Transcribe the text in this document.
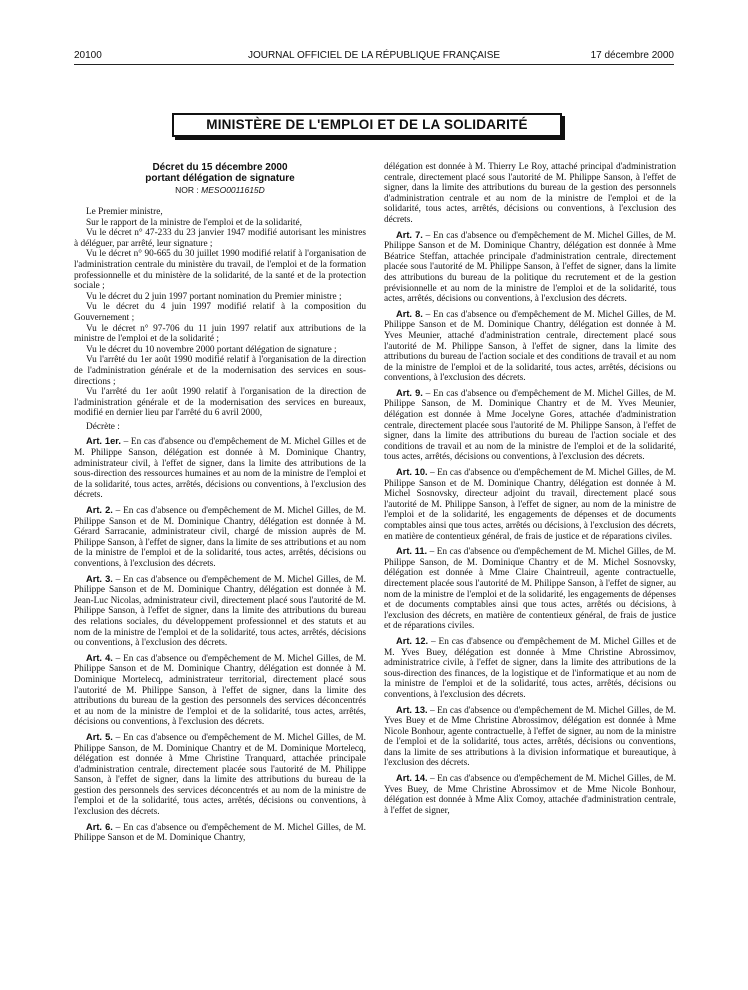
20100	JOURNAL OFFICIEL DE LA RÉPUBLIQUE FRANÇAISE	17 décembre 2000
MINISTÈRE DE L'EMPLOI ET DE LA SOLIDARITÉ
Décret du 15 décembre 2000
portant délégation de signature
NOR : MESO0011615D

Le Premier ministre,

Sur le rapport de la ministre de l'emploi et de la solidarité,

Vu le décret n° 47-233 du 23 janvier 1947 modifié autorisant les ministres à déléguer, par arrêté, leur signature ;

Vu le décret n° 90-665 du 30 juillet 1990 modifié relatif à l'organisation de l'administration centrale du ministère du travail, de l'emploi et de la formation professionnelle et du ministère de la solidarité, de la santé et de la protection sociale ;

Vu le décret du 2 juin 1997 portant nomination du Premier ministre ;

Vu le décret du 4 juin 1997 modifié relatif à la composition du Gouvernement ;

Vu le décret n° 97-706 du 11 juin 1997 relatif aux attributions de la ministre de l'emploi et de la solidarité ;

Vu le décret du 10 novembre 2000 portant délégation de signature ;

Vu l'arrêté du 1er août 1990 modifié relatif à l'organisation de la direction de l'administration générale et de la modernisation des services en sous-directions ;

Vu l'arrêté du 1er août 1990 relatif à l'organisation de la direction de l'administration générale et de la modernisation des services en bureaux, modifié en dernier lieu par l'arrêté du 6 avril 2000,

Décrète :

Art. 1er. – En cas d'absence ou d'empêchement de M. Michel Gilles et de M. Philippe Sanson, délégation est donnée à M. Dominique Chantry, administrateur civil, à l'effet de signer, dans la limite des attributions de la sous-direction des ressources humaines et au nom de la ministre de l'emploi et de la solidarité, tous actes, arrêtés, décisions ou conventions, à l'exclusion des décrets.

Art. 2. – En cas d'absence ou d'empêchement de M. Michel Gilles, de M. Philippe Sanson et de M. Dominique Chantry, délégation est donnée à M. Gérard Sarracanie, administrateur civil, chargé de mission auprès de M. Philippe Sanson, à l'effet de signer, dans la limite de ses attributions et au nom de la ministre de l'emploi et de la solidarité, tous actes, arrêtés, décisions ou conventions, à l'exclusion des décrets.

Art. 3. – En cas d'absence ou d'empêchement de M. Michel Gilles, de M. Philippe Sanson et de M. Dominique Chantry, délégation est donnée à M. Jean-Luc Nicolas, administrateur civil, directement placé sous l'autorité de M. Philippe Sanson, à l'effet de signer, dans la limite des attributions du bureau des relations sociales, du développement professionnel et des statuts et au nom de la ministre de l'emploi et de la solidarité, tous actes, arrêtés, décisions ou conventions, à l'exclusion des décrets.

Art. 4. – En cas d'absence ou d'empêchement de M. Michel Gilles, de M. Philippe Sanson et de M. Dominique Chantry, délégation est donnée à M. Dominique Mortelecq, administrateur territorial, directement placé sous l'autorité de M. Philippe Sanson, à l'effet de signer, dans la limite des attributions du bureau de la gestion des personnels des services déconcentrés et au nom de la ministre de l'emploi et de la solidarité, tous actes, arrêtés, décisions ou conventions, à l'exclusion des décrets.

Art. 5. – En cas d'absence ou d'empêchement de M. Michel Gilles, de M. Philippe Sanson, de M. Dominique Chantry et de M. Dominique Mortelecq, délégation est donnée à Mme Christine Tranquard, attachée principale d'administration centrale, directement placée sous l'autorité de M. Philippe Sanson, à l'effet de signer, dans la limite des attributions du bureau de la gestion des personnels des services déconcentrés et au nom de la ministre de l'emploi et de la solidarité, tous actes, arrêtés, décisions ou conventions, à l'exclusion des décrets.

Art. 6. – En cas d'absence ou d'empêchement de M. Michel Gilles, de M. Philippe Sanson et de M. Dominique Chantry,

délégation est donnée à M. Thierry Le Roy, attaché principal d'administration centrale, directement placé sous l'autorité de M. Philippe Sanson, à l'effet de signer, dans la limite des attributions du bureau de la gestion des personnels d'administration centrale et au nom de la ministre de l'emploi et de la solidarité, tous actes, arrêtés, décisions ou conventions, à l'exclusion des décrets.

Art. 7. – En cas d'absence ou d'empêchement de M. Michel Gilles, de M. Philippe Sanson et de M. Dominique Chantry, délégation est donnée à Mme Béatrice Steffan, attachée principale d'administration centrale, directement placée sous l'autorité de M. Philippe Sanson, à l'effet de signer, dans la limite des attributions du bureau de la politique du recrutement et de la gestion prévisionnelle et au nom de la ministre de l'emploi et de la solidarité, tous actes, arrêtés, décisions ou conventions, à l'exclusion des décrets.

Art. 8. – En cas d'absence ou d'empêchement de M. Michel Gilles, de M. Philippe Sanson et de M. Dominique Chantry, délégation est donnée à M. Yves Meunier, attaché d'administration centrale, directement placé sous l'autorité de M. Philippe Sanson, à l'effet de signer, dans la limite des attributions du bureau de l'action sociale et des conditions de travail et au nom de la ministre de l'emploi et de la solidarité, tous actes, arrêtés, décisions ou conventions, à l'exclusion des décrets.

Art. 9. – En cas d'absence ou d'empêchement de M. Michel Gilles, de M. Philippe Sanson, de M. Dominique Chantry et de M. Yves Meunier, délégation est donnée à Mme Jocelyne Gores, attachée d'administration centrale, directement placée sous l'autorité de M. Philippe Sanson, à l'effet de signer, dans la limite des attributions du bureau de l'action sociale et des conditions de travail et au nom de la ministre de l'emploi et de la solidarité, tous actes, arrêtés, décisions ou conventions, à l'exclusion des décrets.

Art. 10. – En cas d'absence ou d'empêchement de M. Michel Gilles, de M. Philippe Sanson et de M. Dominique Chantry, délégation est donnée à M. Michel Sosnovsky, directeur adjoint du travail, directement placé sous l'autorité de M. Philippe Sanson, à l'effet de signer, au nom de la ministre de l'emploi et de la solidarité, les engagements de dépenses et de documents comptables ainsi que tous actes, arrêtés ou décisions, à l'exclusion des décrets, en matière de contentieux général, de frais de justice et de réparations civiles.

Art. 11. – En cas d'absence ou d'empêchement de M. Michel Gilles, de M. Philippe Sanson, de M. Dominique Chantry et de M. Michel Sosnovsky, délégation est donnée à Mme Claire Chaintreuil, agente contractuelle, directement placée sous l'autorité de M. Philippe Sanson, à l'effet de signer, au nom de la ministre de l'emploi et de la solidarité, les engagements de dépenses et de documents comptables ainsi que tous actes, arrêtés ou décisions, à l'exclusion des décrets, en matière de contentieux général, de frais de justice et de réparations civiles.

Art. 12. – En cas d'absence ou d'empêchement de M. Michel Gilles et de M. Yves Buey, délégation est donnée à Mme Christine Abrossimov, administratrice civile, à l'effet de signer, dans la limite des attributions de la sous-direction des finances, de la logistique et de l'informatique et au nom de la ministre de l'emploi et de la solidarité, tous actes, arrêtés, décisions ou conventions, à l'exclusion des décrets.

Art. 13. – En cas d'absence ou d'empêchement de M. Michel Gilles, de M. Yves Buey et de Mme Christine Abrossimov, délégation est donnée à Mme Nicole Bonhour, agente contractuelle, à l'effet de signer, au nom de la ministre de l'emploi et de la solidarité, tous actes, arrêtés, décisions ou conventions, dans la limite de ses attributions à la division informatique et bureautique, à l'exclusion des décrets.

Art. 14. – En cas d'absence ou d'empêchement de M. Michel Gilles, de M. Yves Buey, de Mme Christine Abrossimov et de Mme Nicole Bonhour, délégation est donnée à Mme Alix Comoy, attachée d'administration centrale, à l'effet de signer,
